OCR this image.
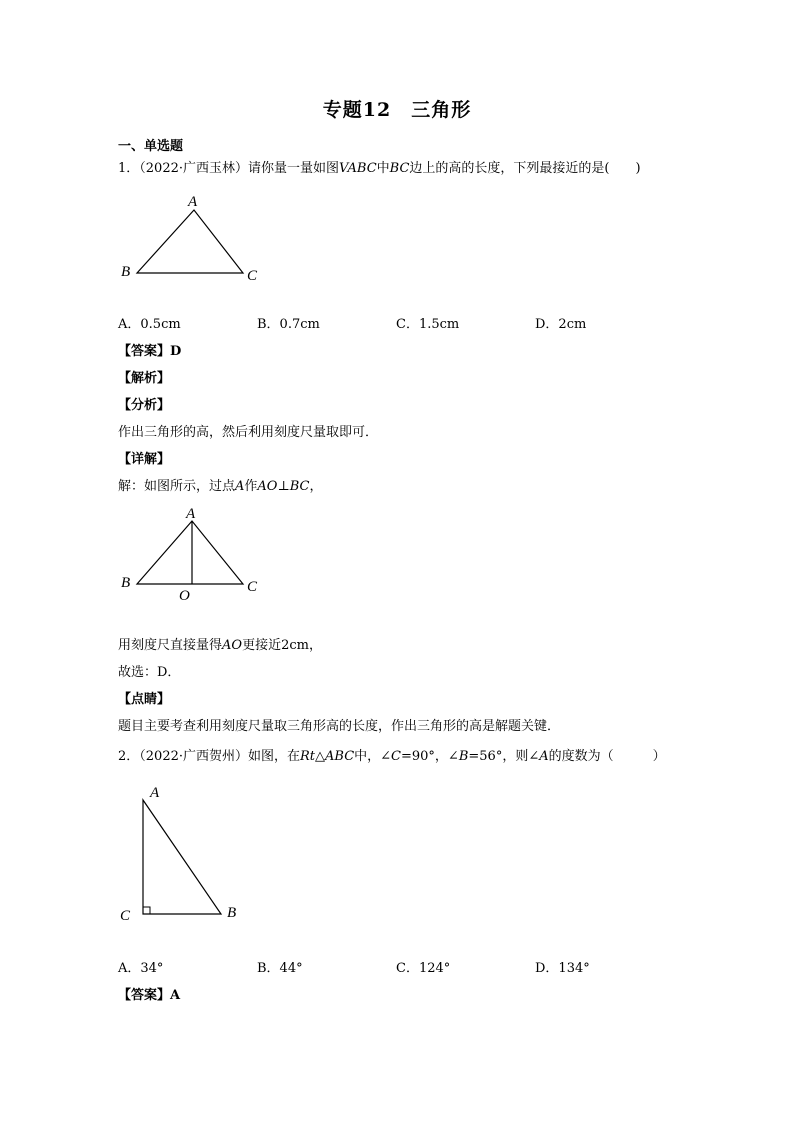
专题12　三角形
一、单选题
1．（2022·广西玉林）请你量一量如图VABC中BC边上的高的长度，下列最接近的是(　　)
A
B	C
A
B	C
O
A
C	B
A．0.5cm	B．0.7cm	C．1.5cm	D．2cm
【答案】D
【解析】
【分析】
作出三角形的高，然后利用刻度尺量取即可．
【详解】
解：如图所示，过点A作AO⊥BC，
用刻度尺直接量得AO更接近2cm，
故选：D．
【点睛】
题目主要考查利用刻度尺量取三角形高的长度，作出三角形的高是解题关键．
2．（2022·广西贺州）如图，在Rt△ABC中，∠C=90°，∠B=56°，则∠A的度数为（　　　）
A．34°	B．44°	C．124°	D．134°
【答案】A
